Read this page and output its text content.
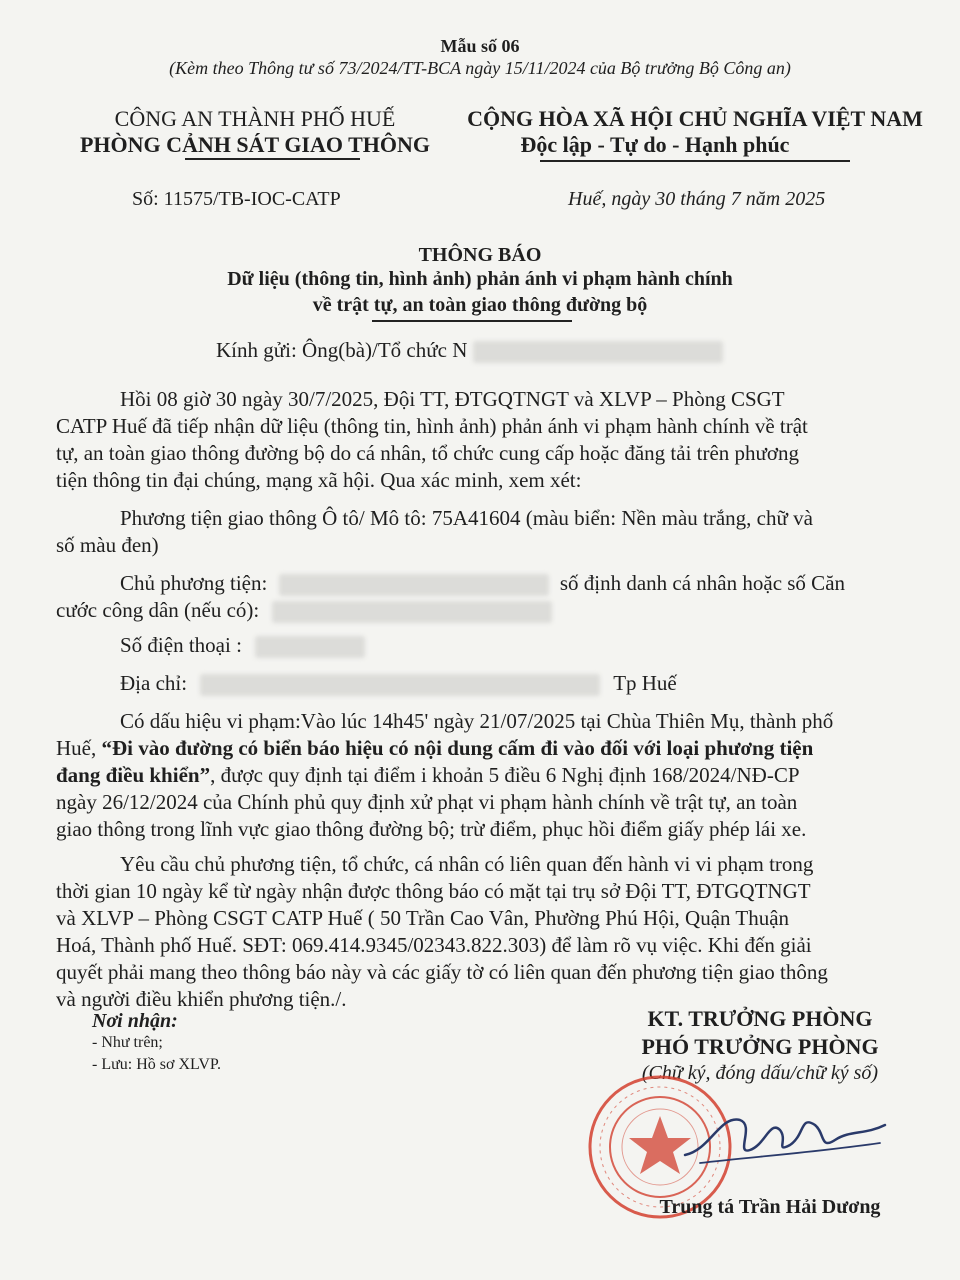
Mẫu số 06
(Kèm theo Thông tư số 73/2024/TT-BCA ngày 15/11/2024 của Bộ trưởng Bộ Công an)
CÔNG AN THÀNH PHỐ HUẾ
PHÒNG CẢNH SÁT GIAO THÔNG
CỘNG HÒA XÃ HỘI CHỦ NGHĨA VIỆT NAM
Độc lập - Tự do - Hạnh phúc
Số: 11575/TB-IOC-CATP	Huế, ngày 30 tháng 7 năm 2025
THÔNG BÁO
Dữ liệu (thông tin, hình ảnh) phản ánh vi phạm hành chính
về trật tự, an toàn giao thông đường bộ
Kính gửi: Ông(bà)/Tổ chức N
Hồi 08 giờ 30 ngày 30/7/2025, Đội TT, ĐTGQTNGT và XLVP – Phòng CSGT
CATP Huế đã tiếp nhận dữ liệu (thông tin, hình ảnh) phản ánh vi phạm hành chính về trật
tự, an toàn giao thông đường bộ do cá nhân, tổ chức cung cấp hoặc đăng tải trên phương
tiện thông tin đại chúng, mạng xã hội. Qua xác minh, xem xét:
Phương tiện giao thông Ô tô/ Mô tô: 75A41604 (màu biển: Nền màu trắng, chữ và
số màu đen)
Chủ phương tiện:	số định danh cá nhân hoặc số Căn
cước công dân (nếu có):
Số điện thoại :
Địa chỉ:	Tp Huế
Có dấu hiệu vi phạm:Vào lúc 14h45' ngày 21/07/2025 tại Chùa Thiên Mụ, thành phố
Huế, “Đi vào đường có biển báo hiệu có nội dung cấm đi vào đối với loại phương tiện
đang điều khiển”, được quy định tại điểm i khoản 5 điều 6 Nghị định 168/2024/NĐ-CP
ngày 26/12/2024 của Chính phủ quy định xử phạt vi phạm hành chính về trật tự, an toàn
giao thông trong lĩnh vực giao thông đường bộ; trừ điểm, phục hồi điểm giấy phép lái xe.
Yêu cầu chủ phương tiện, tổ chức, cá nhân có liên quan đến hành vi vi phạm trong
thời gian 10 ngày kể từ ngày nhận được thông báo có mặt tại trụ sở Đội TT, ĐTGQTNGT
và XLVP – Phòng CSGT CATP Huế ( 50 Trần Cao Vân, Phường Phú Hội, Quận Thuận
Hoá, Thành phố Huế. SĐT: 069.414.9345/02343.822.303) để làm rõ vụ việc. Khi đến giải
quyết phải mang theo thông báo này và các giấy tờ có liên quan đến phương tiện giao thông
và người điều khiển phương tiện./.
Nơi nhận:
- Như trên;
- Lưu: Hồ sơ XLVP.
KT. TRƯỞNG PHÒNG
PHÓ TRƯỞNG PHÒNG
(Chữ ký, đóng dấu/chữ ký số)
Trung tá Trần Hải Dương
